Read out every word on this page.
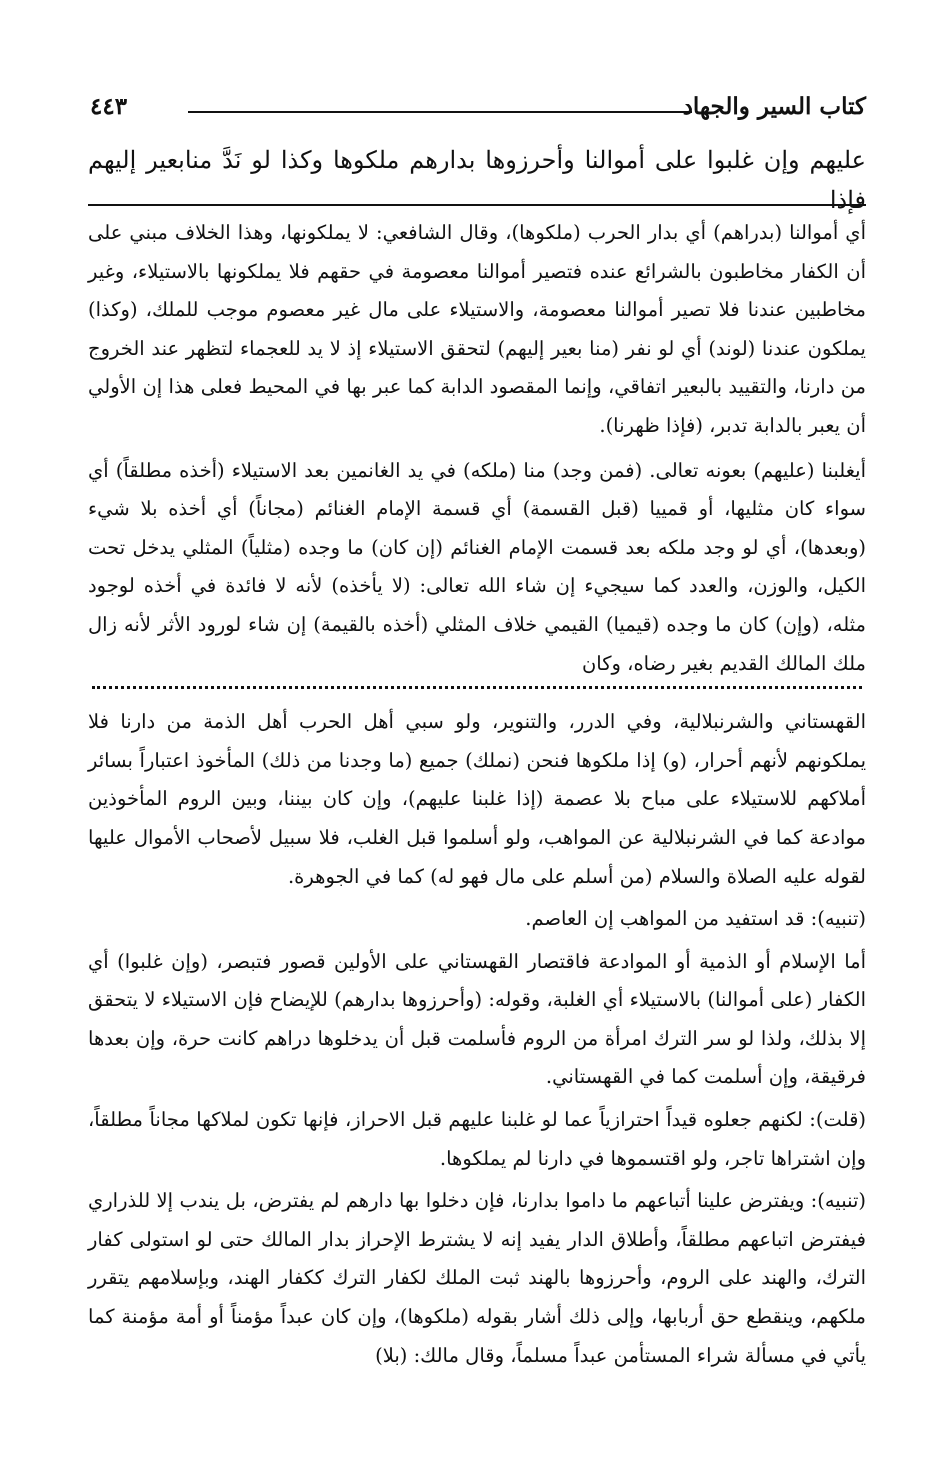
كتاب السير والجهاد
٤٤٣
عليهم وإن غلبوا على أموالنا وأحرزوها بدارهم ملكوها وكذا لو نَدَّ منابعير إليهم فإذا

أي أموالنا (بدراهم) أي بدار الحرب (ملكوها)، وقال الشافعي: لا يملكونها، وهذا الخلاف مبني على أن الكفار مخاطبون بالشرائع عنده فتصير أموالنا معصومة في حقهم فلا يملكونها بالاستيلاء، وغير مخاطبين عندنا فلا تصير أموالنا معصومة، والاستيلاء على مال غير معصوم موجب للملك، (وكذا) يملكون عندنا (لوند) أي لو نفر (منا بعير إليهم) لتحقق الاستيلاء إذ لا يد للعجماء لتظهر عند الخروج من دارنا، والتقييد بالبعير اتفاقي، وإنما المقصود الدابة كما عبر بها في المحيط فعلى هذا إن الأولي أن يعبر بالدابة تدبر، (فإذا ظهرنا).

أيغلبنا (عليهم) بعونه تعالى. (فمن وجد) منا (ملكه) في يد الغانمين بعد الاستيلاء (أخذه مطلقاً) أي سواء كان مثليها، أو قمييا (قبل القسمة) أي قسمة الإمام الغنائم (مجاناً) أي أخذه بلا شيء (وبعدها)، أي لو وجد ملكه بعد قسمت الإمام الغنائم (إن كان) ما وجده (مثلياً) المثلي يدخل تحت الكيل، والوزن، والعدد كما سيجيء إن شاء الله تعالى: (لا يأخذه) لأنه لا فائدة في أخذه لوجود مثله، (وإن) كان ما وجده (قيميا) القيمي خلاف المثلي (أخذه بالقيمة) إن شاء لورود الأثر لأنه زال ملك المالك القديم بغير رضاه، وكان

القهستاني والشرنبلالية، وفي الدرر، والتنوير، ولو سبي أهل الحرب أهل الذمة من دارنا فلا يملكونهم لأنهم أحرار، (و) إذا ملكوها فنحن (نملك) جميع (ما وجدنا من ذلك) المأخوذ اعتباراً بسائر أملاكهم للاستيلاء على مباح بلا عصمة (إذا غلبنا عليهم)، وإن كان بيننا، وبين الروم المأخوذين موادعة كما في الشرنبلالية عن المواهب، ولو أسلموا قبل الغلب، فلا سبيل لأصحاب الأموال عليها لقوله عليه الصلاة والسلام (من أسلم على مال فهو له) كما في الجوهرة.

(تنبيه): قد استفيد من المواهب إن العاصم.

أما الإسلام أو الذمية أو الموادعة فاقتصار القهستاني على الأولين قصور فتبصر، (وإن غلبوا) أي الكفار (على أموالنا) بالاستيلاء أي الغلبة، وقوله: (وأحرزوها بدارهم) للإيضاح فإن الاستيلاء لا يتحقق إلا بذلك، ولذا لو سر الترك امرأة من الروم فأسلمت قبل أن يدخلوها دراهم كانت حرة، وإن بعدها فرقيقة، وإن أسلمت كما في القهستاني.

(قلت): لكنهم جعلوه قيداً احترازياً عما لو غلبنا عليهم قبل الاحراز، فإنها تكون لملاكها مجاناً مطلقاً، وإن اشتراها تاجر، ولو اقتسموها في دارنا لم يملكوها.

(تنبيه): ويفترض علينا أتباعهم ما داموا بدارنا، فإن دخلوا بها دارهم لم يفترض، بل يندب إلا للذراري فيفترض اتباعهم مطلقاً، وأطلاق الدار يفيد إنه لا يشترط الإحراز بدار المالك حتى لو استولى كفار الترك، والهند على الروم، وأحرزوها بالهند ثبت الملك لكفار الترك ككفار الهند، وبإسلامهم يتقرر ملكهم، وينقطع حق أربابها، وإلى ذلك أشار بقوله (ملكوها)، وإن كان عبداً مؤمناً أو أمة مؤمنة كما يأتي في مسألة شراء المستأمن عبداً مسلماً، وقال مالك: (بلا)
